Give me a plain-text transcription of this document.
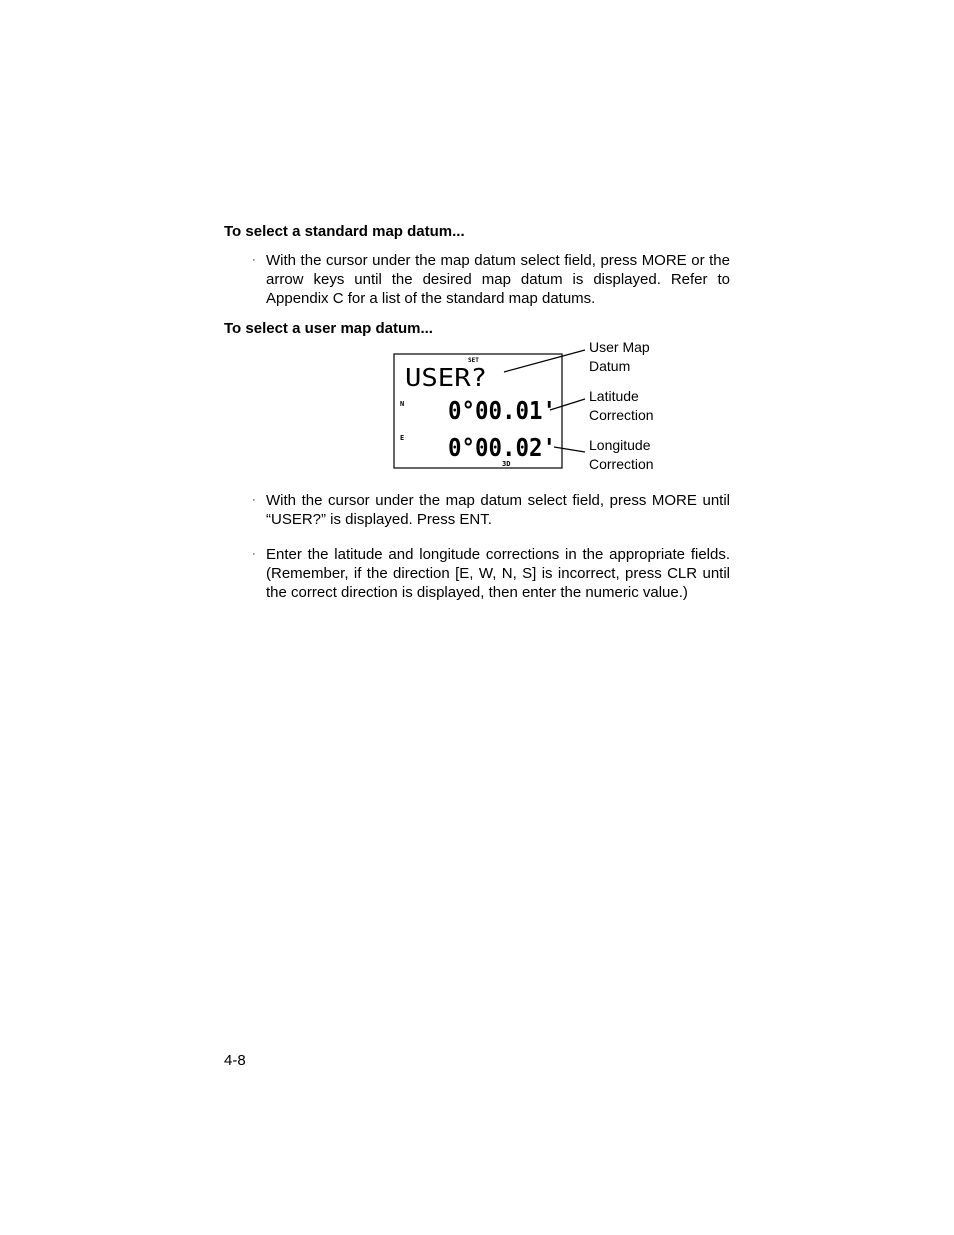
To select a standard map datum...
· With the cursor under the map datum select field, press MORE or the
arrow keys until the desired map datum is displayed. Refer to
Appendix C for a list of the standard map datums.
To select a user map datum...
SET
USER?
N 0°00.01'
E 0°00.02'
3D
User Map
Datum
Latitude
Correction
Longitude
Correction
· With the cursor under the map datum select field, press MORE until
“USER?” is displayed. Press ENT.
· Enter the latitude and longitude corrections in the appropriate fields.
(Remember, if the direction [E, W, N, S] is incorrect, press CLR until
the correct direction is displayed, then enter the numeric value.)
4-8
